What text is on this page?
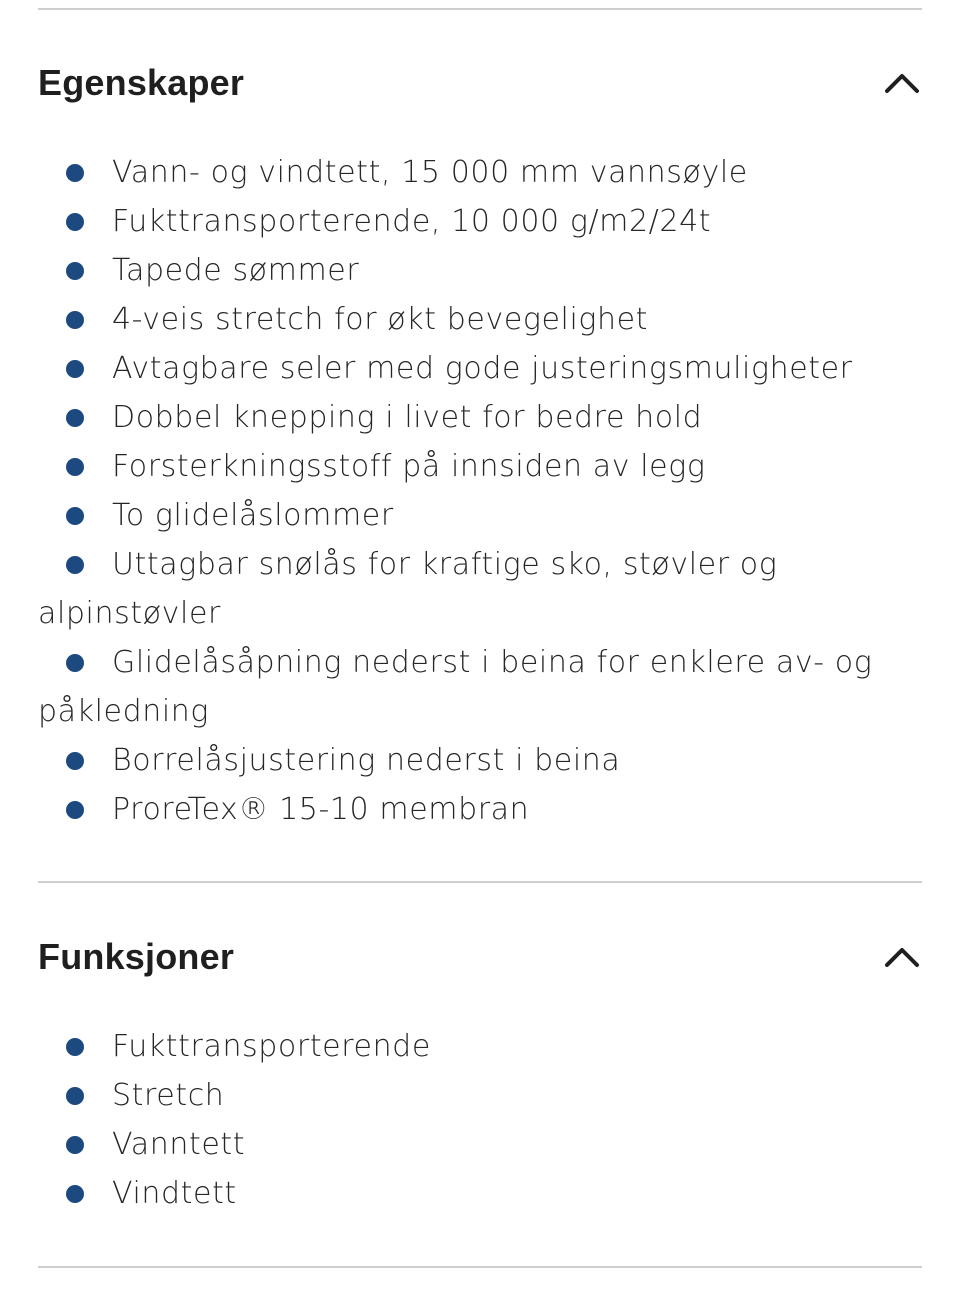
Egenskaper
Vann- og vindtett, 15 000 mm vannsøyle
Fukttransporterende, 10 000 g/m2/24t
Tapede sømmer
4-veis stretch for økt bevegelighet
Avtagbare seler med gode justeringsmuligheter
Dobbel knepping i livet for bedre hold
Forsterkningsstoff på innsiden av legg
To glidelåslommer
Uttagbar snølås for kraftige sko, støvler og alpinstøvler
Glidelåsåpning nederst i beina for enklere av- og påkledning
Borrelåsjustering nederst i beina
ProreTex® 15-10 membran
Funksjoner
Fukttransporterende
Stretch
Vanntett
Vindtett
